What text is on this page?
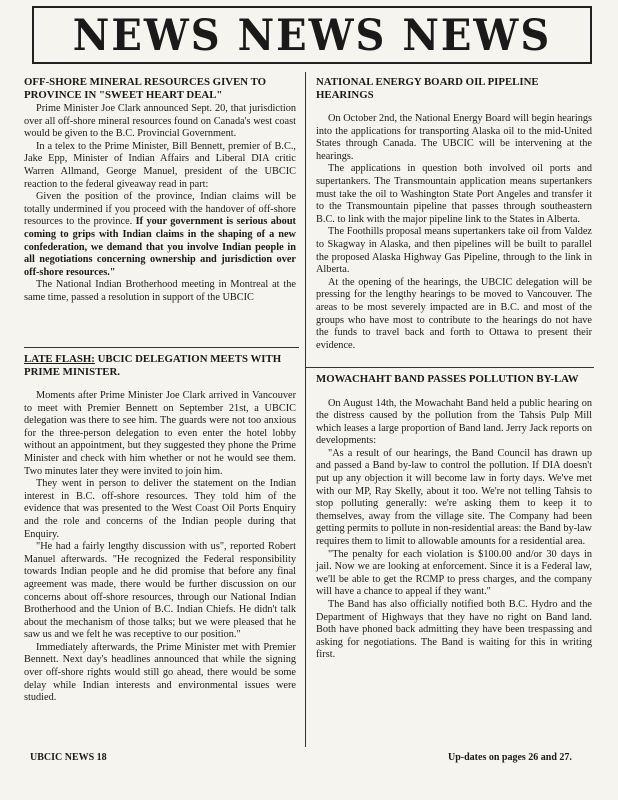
NEWS NEWS NEWS
OFF-SHORE MINERAL RESOURCES GIVEN TO PROVINCE IN "SWEET HEART DEAL"

Prime Minister Joe Clark announced Sept. 20, that jurisdiction over all off-shore mineral resources found on Canada's west coast would be given to the B.C. Provincial Government.

In a telex to the Prime Minister, Bill Bennett, premier of B.C., Jake Epp, Minister of Indian Affairs and Liberal DIA critic Warren Allmand, George Manuel, president of the UBCIC reaction to the federal giveaway read in part:

Given the position of the province, Indian claims will be totally undermined if you proceed with the handover of off-shore resources to the province. If your government is serious about coming to grips with Indian claims in the shaping of a new confederation, we demand that you involve Indian people in all negotiations concerning ownership and jurisdiction over off-shore resources."

The National Indian Brotherhood meeting in Montreal at the same time, passed a resolution in support of the UBCIC

LATE FLASH: UBCIC DELEGATION MEETS WITH PRIME MINISTER.

Moments after Prime Minister Joe Clark arrived in Vancouver to meet with Premier Bennett on September 21st, a UBCIC delegation was there to see him. The guards were not too anxious for the three-person delegation to even enter the hotel lobby without an appointment, but they suggested they phone the Prime Minister and check with him whether or not he would see them. Two minutes later they were invited to join him.

They went in person to deliver the statement on the Indian interest in B.C. off-shore resources. They told him of the evidence that was presented to the West Coast Oil Ports Enquiry and the role and concerns of the Indian people during that Enquiry.

"He had a fairly lengthy discussion with us", reported Robert Manuel afterwards. "He recognized the Federal responsibility towards Indian people and he did promise that before any final agreement was made, there would be further discussion on our concerns about off-shore resources, through our National Indian Brotherhood and the Union of B.C. Indian Chiefs. He didn't talk about the mechanism of those talks; but we were pleased that he saw us and we felt he was receptive to our position."

Immediately afterwards, the Prime Minister met with Premier Bennett. Next day's headlines announced that while the signing over off-shore rights would still go ahead, there would be some delay while Indian interests and environmental issues were studied.

NATIONAL ENERGY BOARD OIL PIPELINE HEARINGS

On October 2nd, the National Energy Board will begin hearings into the applications for transporting Alaska oil to the mid-United States through Canada. The UBCIC will be intervening at the hearings.

The applications in question both involved oil ports and supertankers. The Transmountain application means supertankers must take the oil to Washington State Port Angeles and transfer it to the Transmountain pipeline that passes through southeastern B.C. to link with the major pipeline link to the States in Alberta.

The Foothills proposal means supertankers take oil from Valdez to Skagway in Alaska, and then pipelines will be built to parallel the proposed Alaska Highway Gas Pipeline, through to the link in Alberta.

At the opening of the hearings, the UBCIC delegation will be pressing for the lengthy hearings to be moved to Vancouver. The areas to be most severely impacted are in B.C. and most of the groups who have most to contribute to the hearings do not have the funds to travel back and forth to Ottawa to present their evidence.

MOWACHAHT BAND PASSES POLLUTION BY-LAW

On August 14th, the Mowachaht Band held a public hearing on the distress caused by the pollution from the Tahsis Pulp Mill which leases a large proportion of Band land. Jerry Jack reports on developments:

"As a result of our hearings, the Band Council has drawn up and passed a Band by-law to control the pollution. If DIA doesn't put up any objection it will become law in forty days. We've met with our MP, Ray Skelly, about it too. We're not telling Tahsis to stop polluting generally: we're asking them to keep it to themselves, away from the village site. The Company had been getting permits to pollute in non-residential areas: the Band by-law requires them to limit to allowable amounts for a residential area.

"The penalty for each violation is $100.00 and/or 30 days in jail. Now we are looking at enforcement. Since it is a Federal law, we'll be able to get the RCMP to press charges, and the company will have a chance to appeal if they want."

The Band has also officially notified both B.C. Hydro and the Department of Highways that they have no right on Band land. Both have phoned back admitting they have been trespassing and asking for negotiations. The Band is waiting for this in writing first.

UBCIC NEWS 18	Up-dates on pages 26 and 27.
